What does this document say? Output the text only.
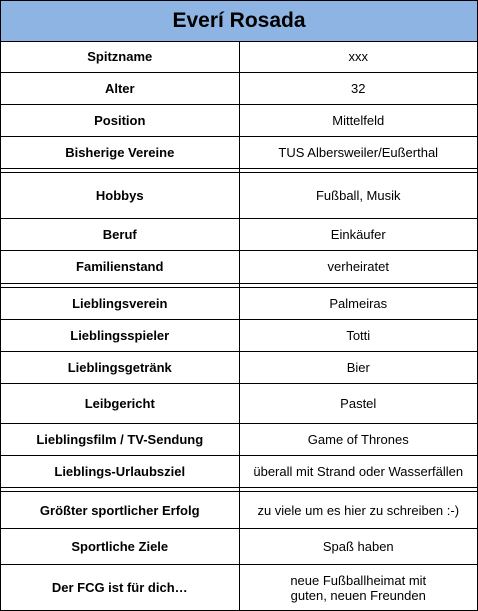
Everí Rosada	
Spitzname	xxx
Alter	32
Position	Mittelfeld
Bisherige Vereine	TUS Albersweiler/Eußerthal

Hobbys	Fußball, Musik
Beruf	Einkäufer
Familienstand	verheiratet

Lieblingsverein	Palmeiras
Lieblingsspieler	Totti
Lieblingsgetränk	Bier
Leibgericht	Pastel
Lieblingsfilm / TV-Sendung	Game of Thrones
Lieblings-Urlaubsziel	überall mit Strand oder Wasserfällen

Größter sportlicher Erfolg	zu viele um es hier zu schreiben :-)
Sportliche Ziele	Spaß haben
Der FCG ist für dich…	neue Fußballheimat mit
guten, neuen Freunden
